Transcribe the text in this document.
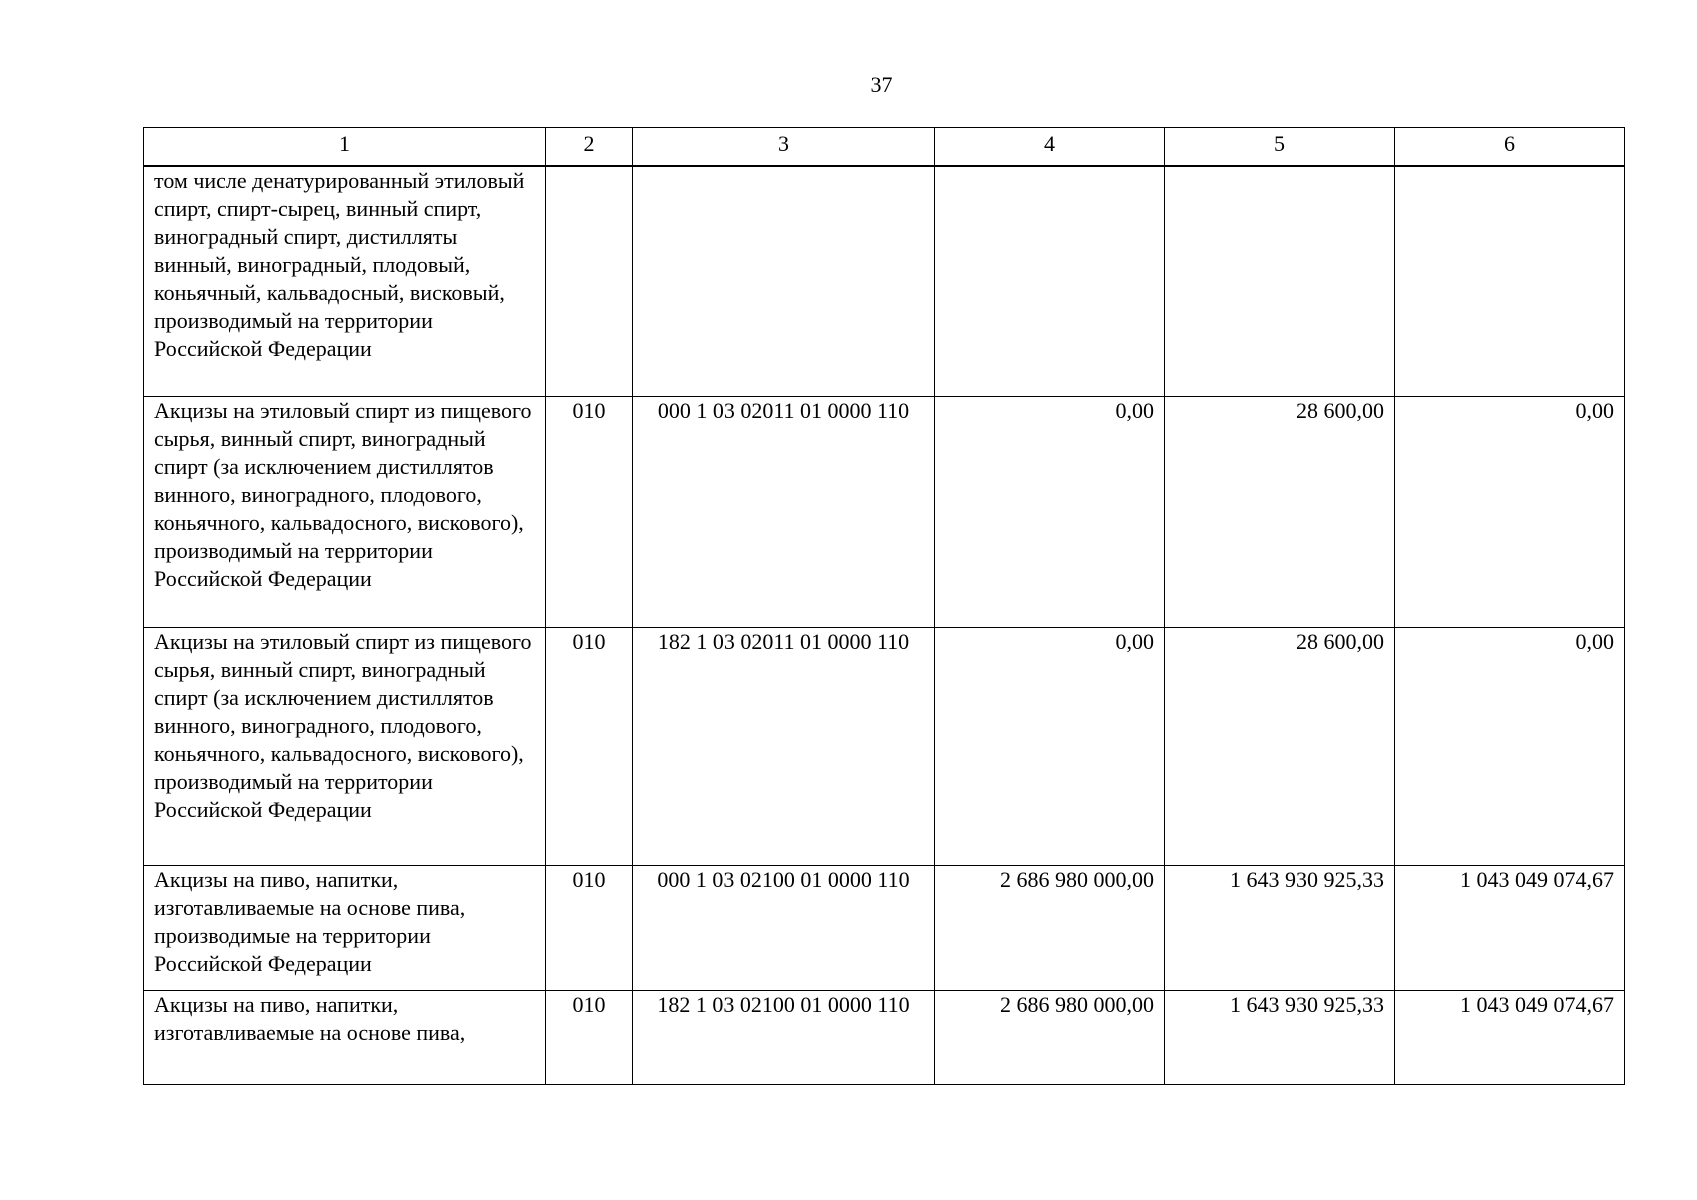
37
1	2	3	4	5	6
том числе денатурированный этиловый спирт, спирт-сырец, винный спирт, виноградный спирт, дистилляты винный, виноградный, плодовый, коньячный, кальвадосный, висковый, производимый на территории Российской Федерации					
Акцизы на этиловый спирт из пищевого сырья, винный спирт, виноградный спирт (за исключением дистиллятов винного, виноградного, плодового, коньячного, кальвадосного, вискового), производимый на территории Российской Федерации	010	000 1 03 02011 01 0000 110	0,00	28 600,00	0,00
Акцизы на этиловый спирт из пищевого сырья, винный спирт, виноградный спирт (за исключением дистиллятов винного, виноградного, плодового, коньячного, кальвадосного, вискового), производимый на территории Российской Федерации	010	182 1 03 02011 01 0000 110	0,00	28 600,00	0,00
Акцизы на пиво, напитки, изготавливаемые на основе пива, производимые на территории Российской Федерации	010	000 1 03 02100 01 0000 110	2 686 980 000,00	1 643 930 925,33	1 043 049 074,67
Акцизы на пиво, напитки, изготавливаемые на основе пива,	010	182 1 03 02100 01 0000 110	2 686 980 000,00	1 643 930 925,33	1 043 049 074,67
